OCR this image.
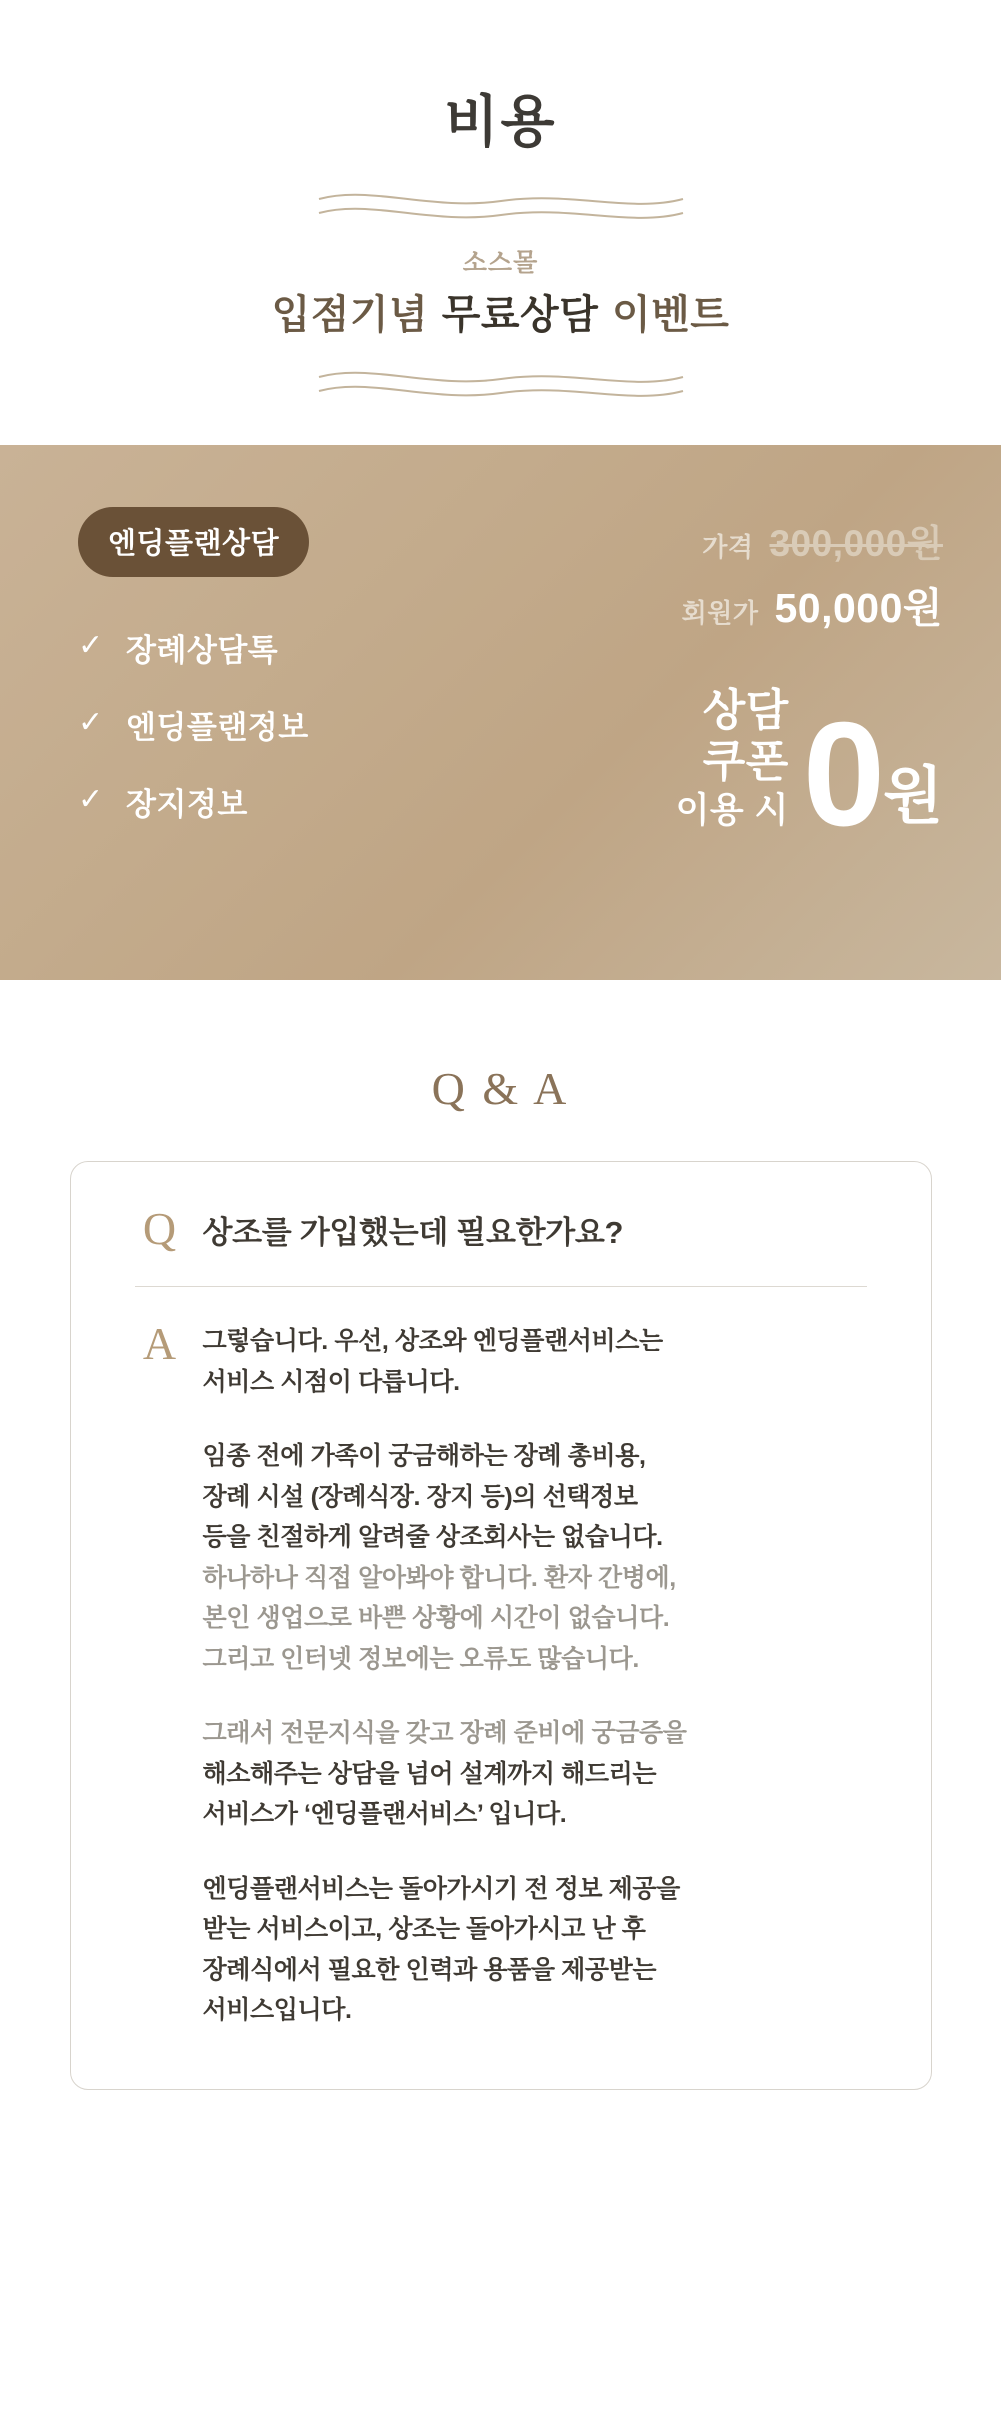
비용
소스몰
입점기념 무료상담 이벤트
엔딩플랜상담
✓ 장례상담톡
✓ 엔딩플랜정보
✓ 장지정보
가격 300,000원
회원가 50,000원
상담
쿠폰
이용 시 0 원
Q & A
Q 상조를 가입했는데 필요한가요?
A	그렇습니다. 우선, 상조와 엔딩플랜서비스는
서비스 시점이 다릅니다.
임종 전에 가족이 궁금해하는 장례 총비용,
장례 시설 (장례식장. 장지 등)의 선택정보
등을 친절하게 알려줄 상조회사는 없습니다.
하나하나 직접 알아봐야 합니다. 환자 간병에,
본인 생업으로 바쁜 상황에 시간이 없습니다.
그리고 인터넷 정보에는 오류도 많습니다.
그래서 전문지식을 갖고 장례 준비에 궁금증을
해소해주는 상담을 넘어 설계까지 해드리는
서비스가 ‘엔딩플랜서비스’ 입니다.
엔딩플랜서비스는 돌아가시기 전 정보 제공을
받는 서비스이고, 상조는 돌아가시고 난 후
장례식에서 필요한 인력과 용품을 제공받는
서비스입니다.
